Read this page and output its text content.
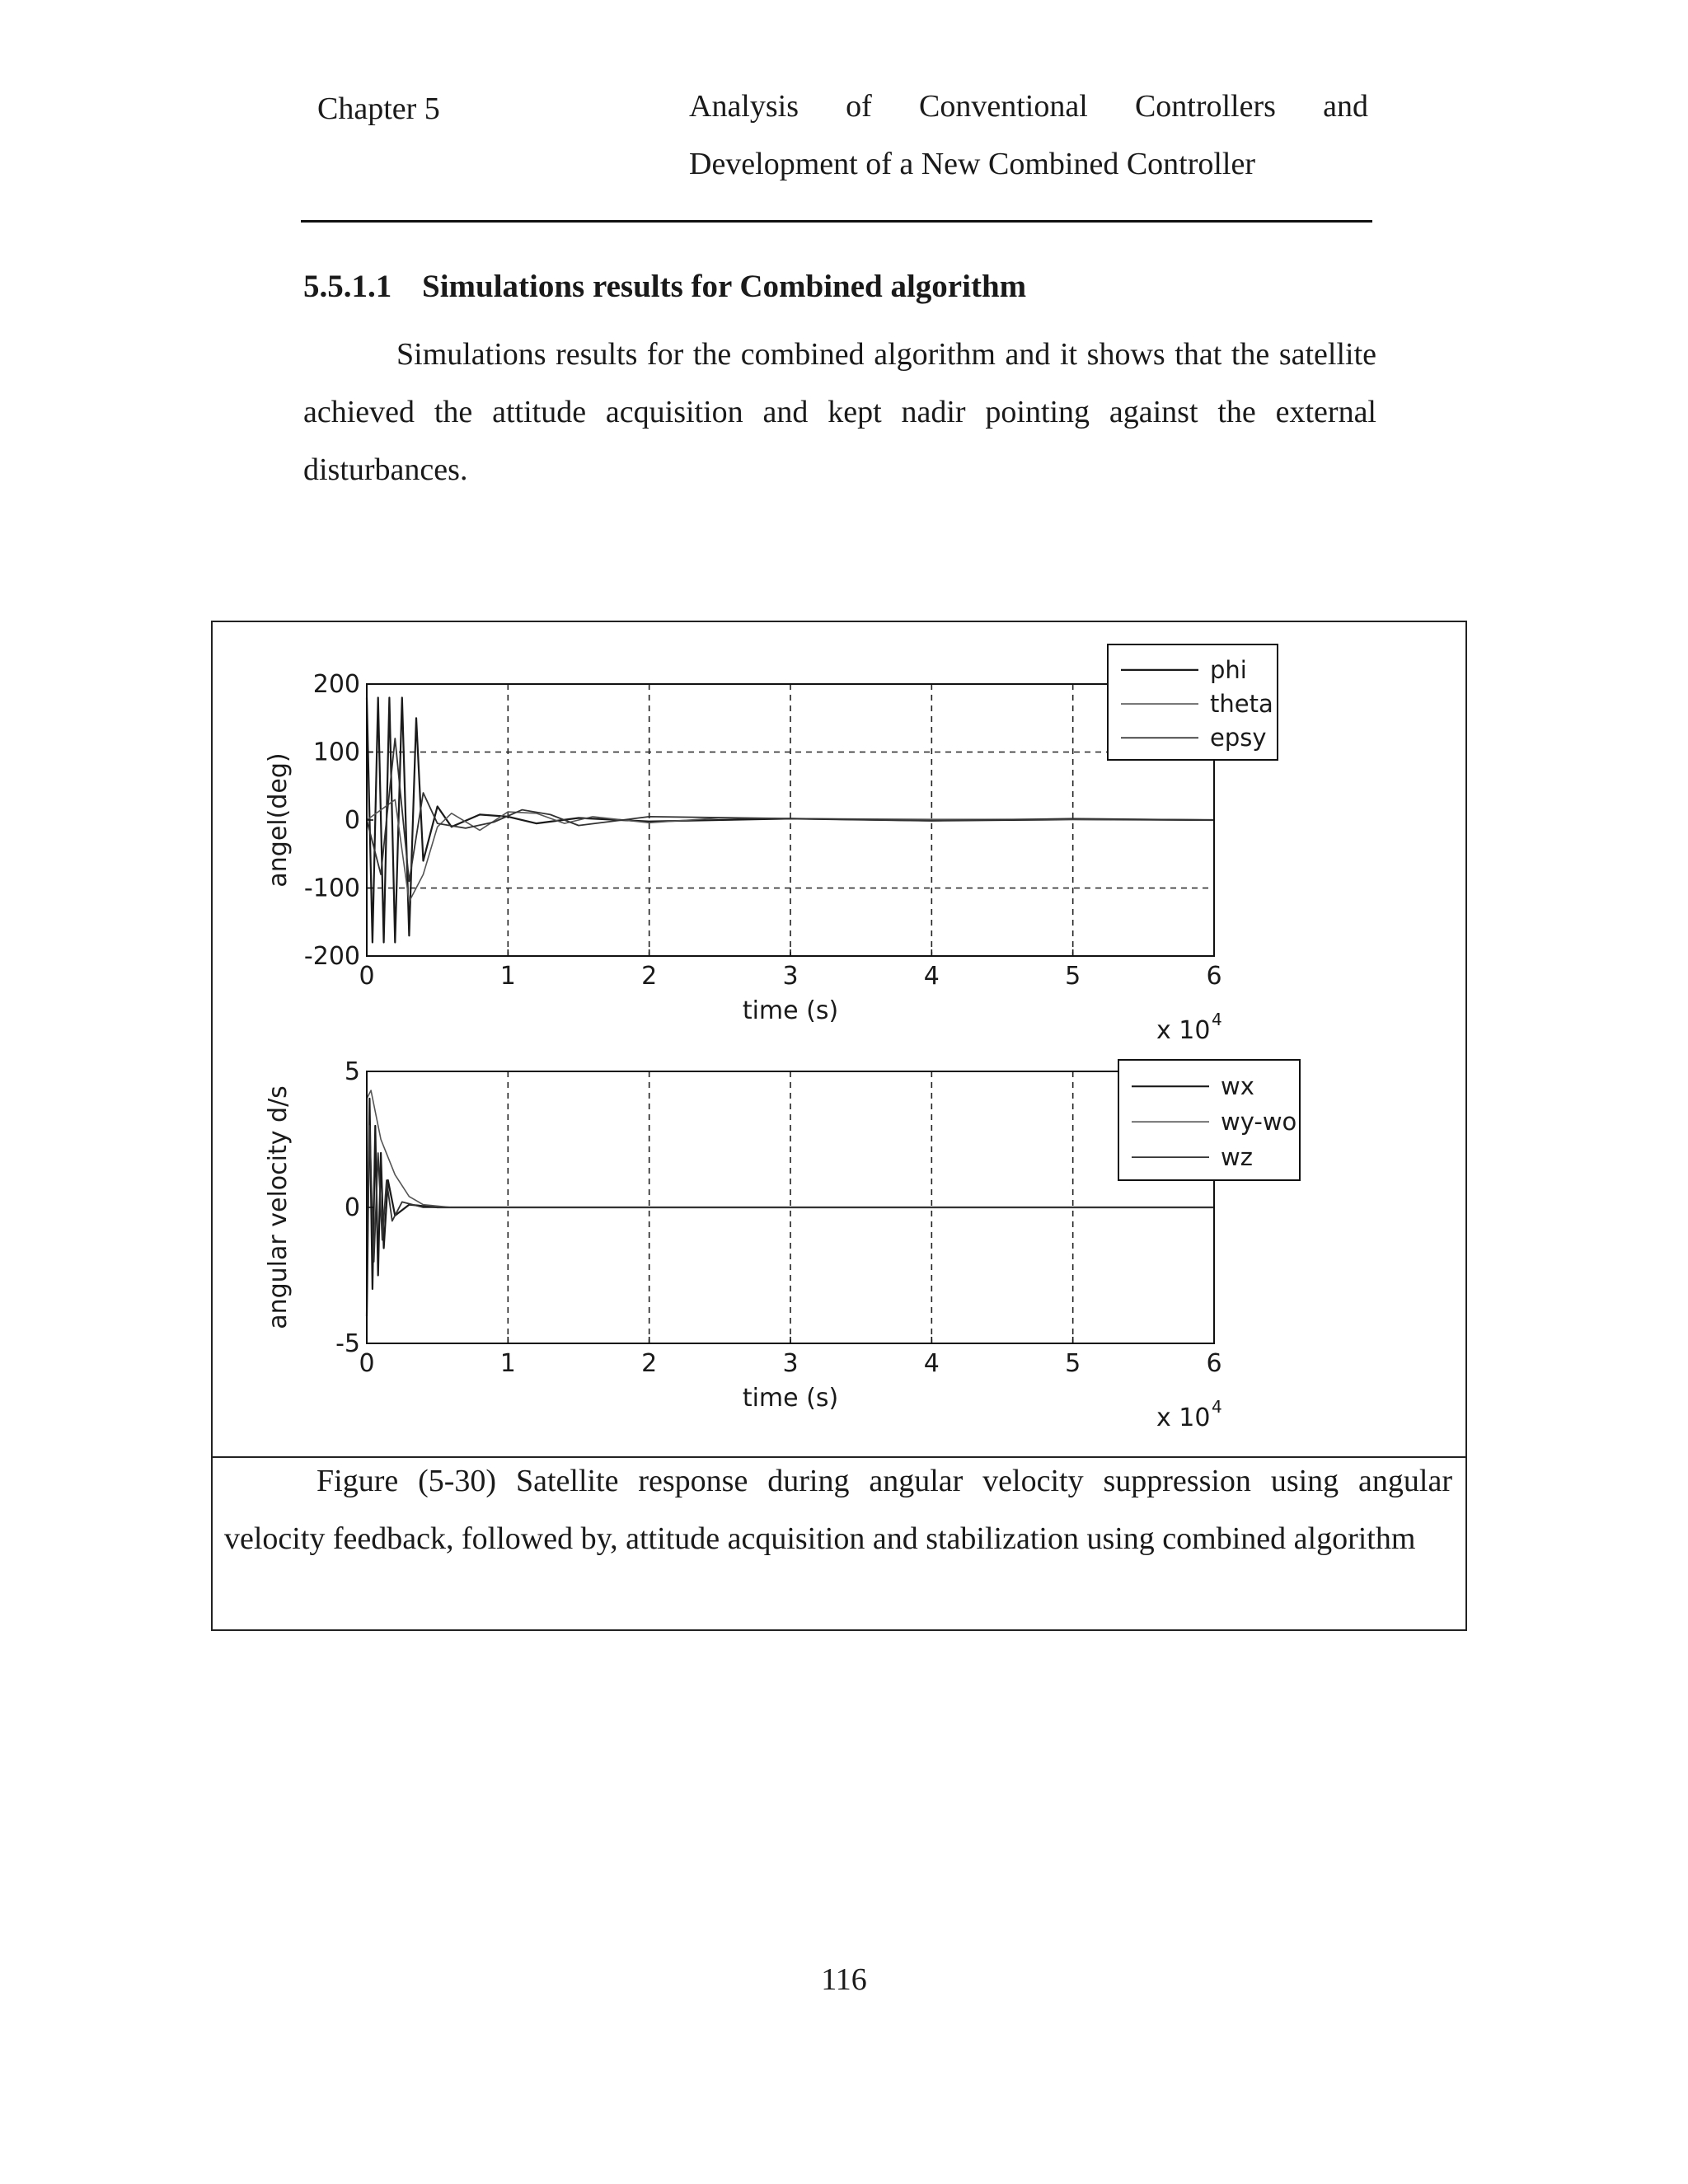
Chapter 5	Analysis of Conventional Controllers and
Development of a New Combined Controller
5.5.1.1 Simulations results for Combined algorithm
Simulations results for the combined algorithm and it shows that the satellite achieved the attitude acquisition and kept nadir pointing against the external disturbances.
0	1	2	3	4	5	6
200
100
0
-100
-200
time (s)
x 10 4
angel(deg)
phi
theta
epsy
0	1	2	3	4	5	6
5
0
-5
time (s)
x 10 4
angular velocity d/s	wx
wy-wo
wz
Figure (5-30) Satellite response during angular velocity suppression using angular velocity feedback, followed by, attitude acquisition and stabilization using combined algorithm
116
